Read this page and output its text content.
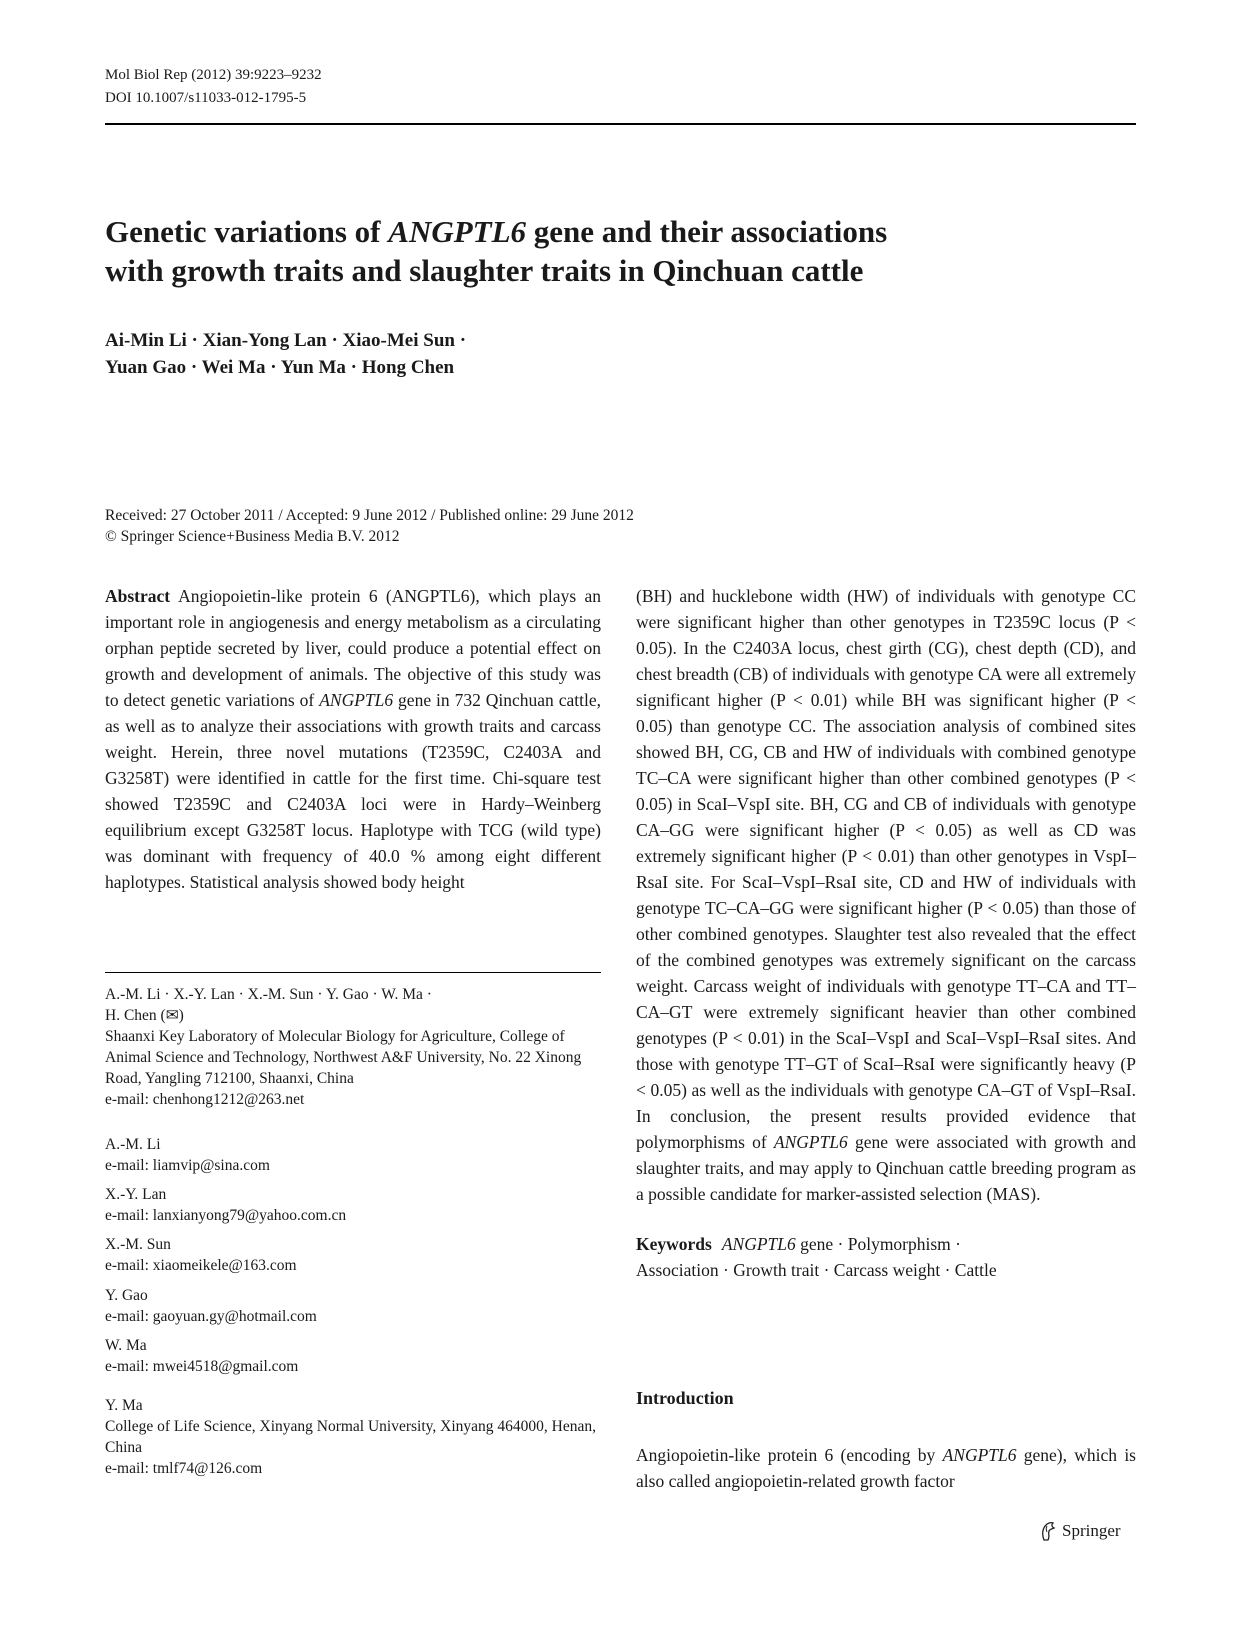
Mol Biol Rep (2012) 39:9223–9232
DOI 10.1007/s11033-012-1795-5
Genetic variations of ANGPTL6 gene and their associations
with growth traits and slaughter traits in Qinchuan cattle
Ai-Min Li · Xian-Yong Lan · Xiao-Mei Sun ·
Yuan Gao · Wei Ma · Yun Ma · Hong Chen
Received: 27 October 2011 / Accepted: 9 June 2012 / Published online: 29 June 2012
© Springer Science+Business Media B.V. 2012

Abstract Angiopoietin-like protein 6 (ANGPTL6), which plays an important role in angiogenesis and energy metabolism as a circulating orphan peptide secreted by liver, could produce a potential effect on growth and development of animals. The objective of this study was to detect genetic variations of ANGPTL6 gene in 732 Qinchuan cattle, as well as to analyze their associations with growth traits and carcass weight. Herein, three novel mutations (T2359C, C2403A and G3258T) were identified in cattle for the first time. Chi-square test showed T2359C and C2403A loci were in Hardy–Weinberg equilibrium except G3258T locus. Haplotype with TCG (wild type) was dominant with frequency of 40.0 % among eight different haplotypes. Statistical analysis showed body height

(BH) and hucklebone width (HW) of individuals with genotype CC were significant higher than other genotypes in T2359C locus (P < 0.05). In the C2403A locus, chest girth (CG), chest depth (CD), and chest breadth (CB) of individuals with genotype CA were all extremely significant higher (P < 0.01) while BH was significant higher (P < 0.05) than genotype CC. The association analysis of combined sites showed BH, CG, CB and HW of individuals with combined genotype TC–CA were significant higher than other combined genotypes (P < 0.05) in ScaI–VspI site. BH, CG and CB of individuals with genotype CA–GG were significant higher (P < 0.05) as well as CD was extremely significant higher (P < 0.01) than other genotypes in VspI–RsaI site. For ScaI–VspI–RsaI site, CD and HW of individuals with genotype TC–CA–GG were significant higher (P < 0.05) than those of other combined genotypes. Slaughter test also revealed that the effect of the combined genotypes was extremely significant on the carcass weight. Carcass weight of individuals with genotype TT–CA and TT–CA–GT were extremely significant heavier than other combined genotypes (P < 0.01) in the ScaI–VspI and ScaI–VspI–RsaI sites. And those with genotype TT–GT of ScaI–RsaI were significantly heavy (P < 0.05) as well as the individuals with genotype CA–GT of VspI–RsaI. In conclusion, the present results provided evidence that polymorphisms of ANGPTL6 gene were associated with growth and slaughter traits, and may apply to Qinchuan cattle breeding program as a possible candidate for marker-assisted selection (MAS).

Keywords ANGPTL6 gene · Polymorphism ·
Association · Growth trait · Carcass weight · Cattle

A.-M. Li · X.-Y. Lan · X.-M. Sun · Y. Gao · W. Ma ·
H. Chen (✉)
Shaanxi Key Laboratory of Molecular Biology for Agriculture, College of Animal Science and Technology, Northwest A&F University, No. 22 Xinong Road, Yangling 712100, Shaanxi, China
e-mail: chenhong1212@263.net
A.-M. Li
e-mail: liamvip@sina.com
X.-Y. Lan
e-mail: lanxianyong79@yahoo.com.cn
X.-M. Sun
e-mail: xiaomeikele@163.com
Y. Gao
e-mail: gaoyuan.gy@hotmail.com
W. Ma
e-mail: mwei4518@gmail.com
Y. Ma
College of Life Science, Xinyang Normal University, Xinyang 464000, Henan, China
e-mail: tmlf74@126.com
Introduction
Angiopoietin-like protein 6 (encoding by ANGPTL6 gene), which is also called angiopoietin-related growth factor
Springer
